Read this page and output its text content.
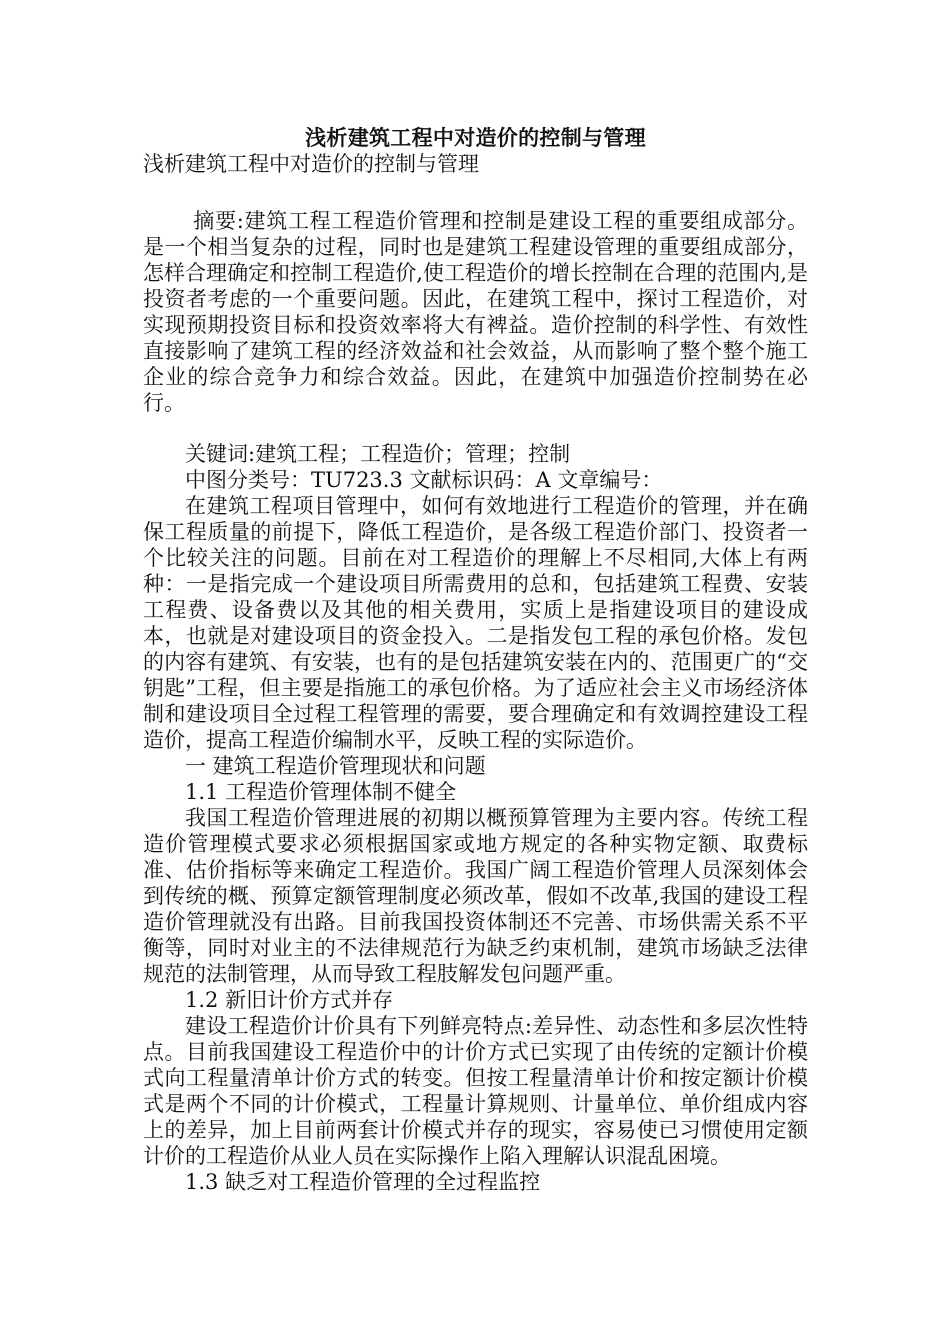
浅析建筑工程中对造价的控制与管理
浅析建筑工程中对造价的控制与管理

摘要:建筑工程工程造价管理和控制是建设工程的重要组成部分。是一个相当复杂的过程，同时也是建筑工程建设管理的重要组成部分，怎样合理确定和控制工程造价,使工程造价的增长控制在合理的范围内,是投资者考虑的一个重要问题。因此，在建筑工程中，探讨工程造价，对实现预期投资目标和投资效率将大有裨益。造价控制的科学性、有效性直接影响了建筑工程的经济效益和社会效益，从而影响了整个整个施工企业的综合竞争力和综合效益。因此，在建筑中加强造价控制势在必行。

关键词:建筑工程；工程造价；管理；控制

中图分类号：TU723.3 文献标识码：A 文章编号：

在建筑工程项目管理中，如何有效地进行工程造价的管理，并在确保工程质量的前提下，降低工程造价，是各级工程造价部门、投资者一个比较关注的问题。目前在对工程造价的理解上不尽相同,大体上有两种：一是指完成一个建设项目所需费用的总和，包括建筑工程费、安装工程费、设备费以及其他的相关费用，实质上是指建设项目的建设成本，也就是对建设项目的资金投入。二是指发包工程的承包价格。发包的内容有建筑、有安装，也有的是包括建筑安装在内的、范围更广的“交钥匙”工程，但主要是指施工的承包价格。为了适应社会主义市场经济体制和建设项目全过程工程管理的需要，要合理确定和有效调控建设工程造价，提高工程造价编制水平，反映工程的实际造价。

一 建筑工程造价管理现状和问题

1.1 工程造价管理体制不健全

我国工程造价管理进展的初期以概预算管理为主要内容。传统工程造价管理模式要求必须根据国家或地方规定的各种实物定额、取费标准、估价指标等来确定工程造价。我国广阔工程造价管理人员深刻体会到传统的概、预算定额管理制度必须改革，假如不改革,我国的建设工程造价管理就没有出路。目前我国投资体制还不完善、市场供需关系不平衡等，同时对业主的不法律规范行为缺乏约束机制，建筑市场缺乏法律规范的法制管理，从而导致工程肢解发包问题严重。

1.2 新旧计价方式并存

建设工程造价计价具有下列鲜亮特点:差异性、动态性和多层次性特点。目前我国建设工程造价中的计价方式已实现了由传统的定额计价模式向工程量清单计价方式的转变。但按工程量清单计价和按定额计价模式是两个不同的计价模式，工程量计算规则、计量单位、单价组成内容上的差异，加上目前两套计价模式并存的现实，容易使已习惯使用定额计价的工程造价从业人员在实际操作上陷入理解认识混乱困境。

1.3 缺乏对工程造价管理的全过程监控
